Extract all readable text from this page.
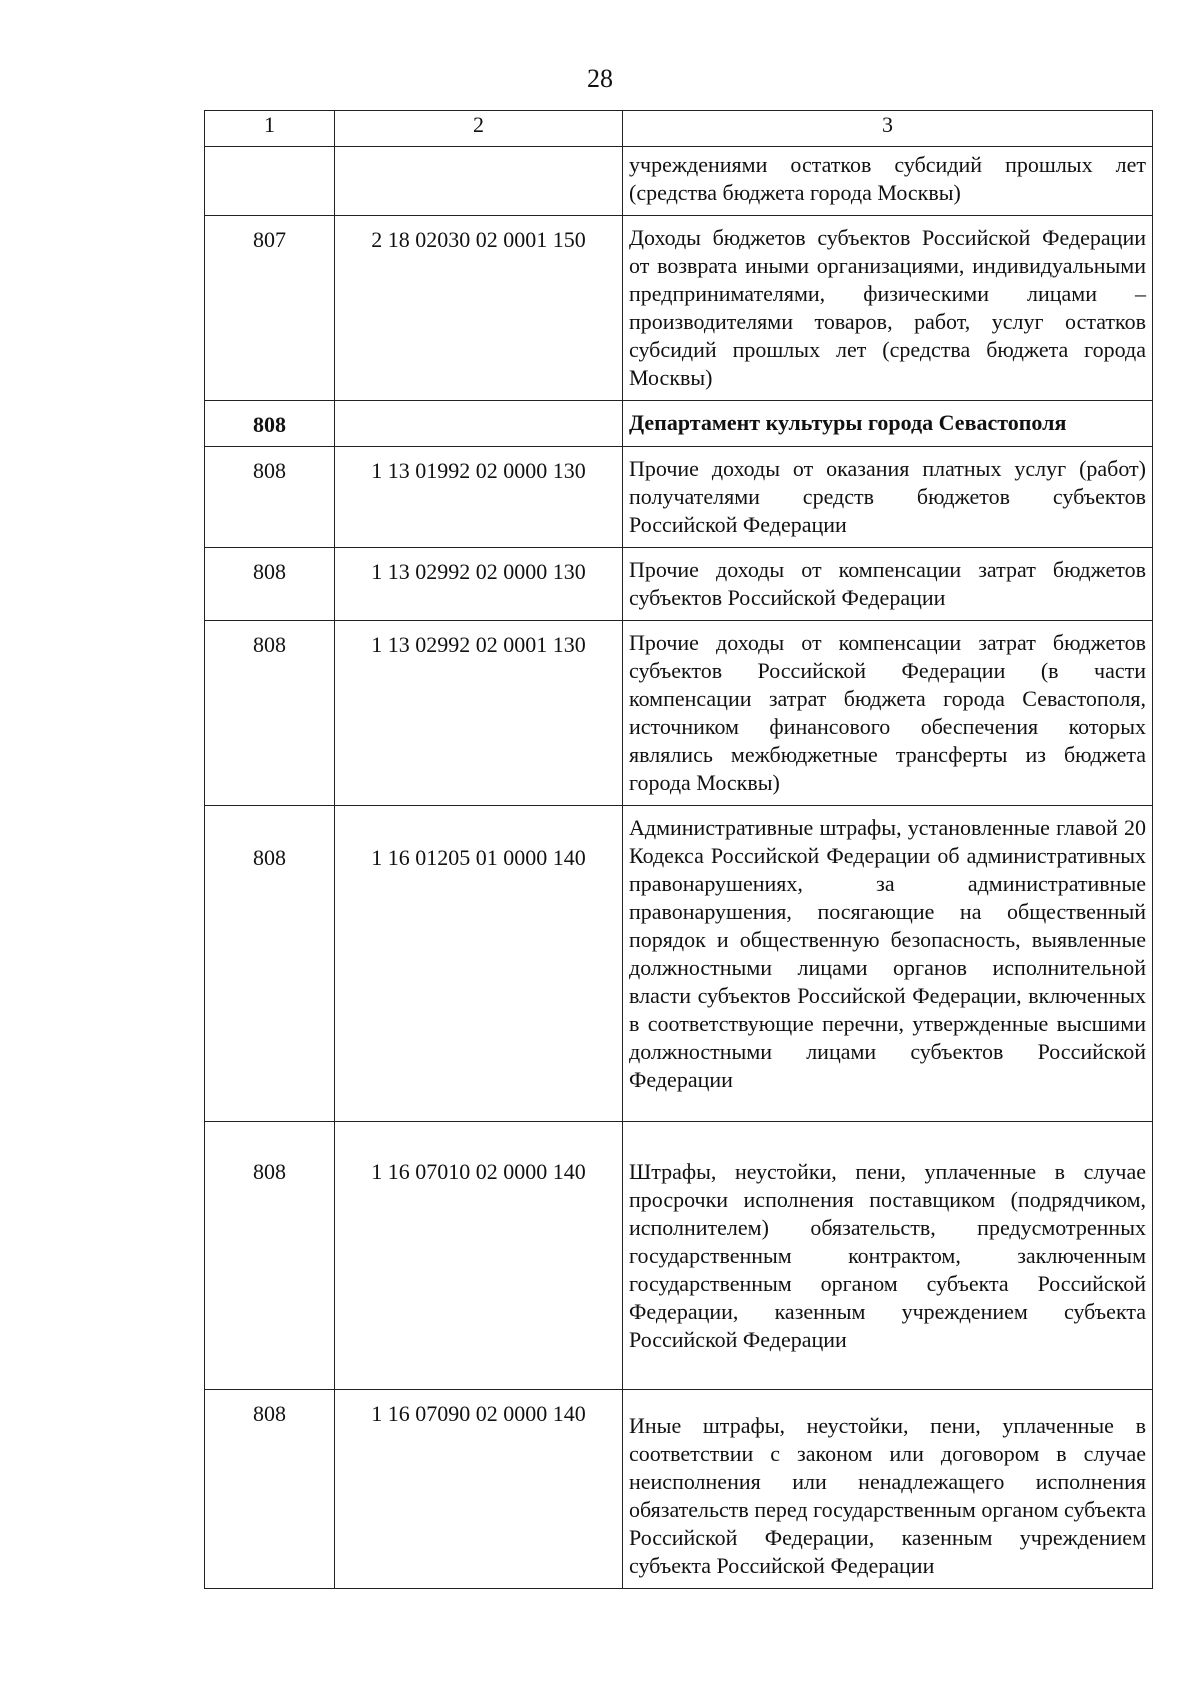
28
1	2	3
		учреждениями остатков субсидий прошлых лет (средства бюджета города Москвы)
807	2 18 02030 02 0001 150	Доходы бюджетов субъектов Российской Федерации от возврата иными организациями, индивидуальными предпринимателями, физическими лицами – производителями товаров, работ, услуг остатков субсидий прошлых лет (средства бюджета города Москвы)
808		Департамент культуры города Севастополя
808	1 13 01992 02 0000 130	Прочие доходы от оказания платных услуг (работ) получателями средств бюджетов субъектов Российской Федерации
808	1 13 02992 02 0000 130	Прочие доходы от компенсации затрат бюджетов субъектов Российской Федерации
808	1 13 02992 02 0001 130	Прочие доходы от компенсации затрат бюджетов субъектов Российской Федерации (в части компенсации затрат бюджета города Севастополя, источником финансового обеспечения которых являлись межбюджетные трансферты из бюджета города Москвы)
808	1 16 01205 01 0000 140	Административные штрафы, установленные главой 20 Кодекса Российской Федерации об административных правонарушениях, за административные правонарушения, посягающие на общественный порядок и общественную безопасность, выявленные должностными лицами органов исполнительной власти субъектов Российской Федерации, включенных в соответствующие перечни, утвержденные высшими должностными лицами субъектов Российской Федерации
808	1 16 07010 02 0000 140	Штрафы, неустойки, пени, уплаченные в случае просрочки исполнения поставщиком (подрядчиком, исполнителем) обязательств, предусмотренных государственным контрактом, заключенным государственным органом субъекта Российской Федерации, казенным учреждением субъекта Российской Федерации
808	1 16 07090 02 0000 140	Иные штрафы, неустойки, пени, уплаченные в соответствии с законом или договором в случае неисполнения или ненадлежащего исполнения обязательств перед государственным органом субъекта Российской Федерации, казенным учреждением субъекта Российской Федерации
